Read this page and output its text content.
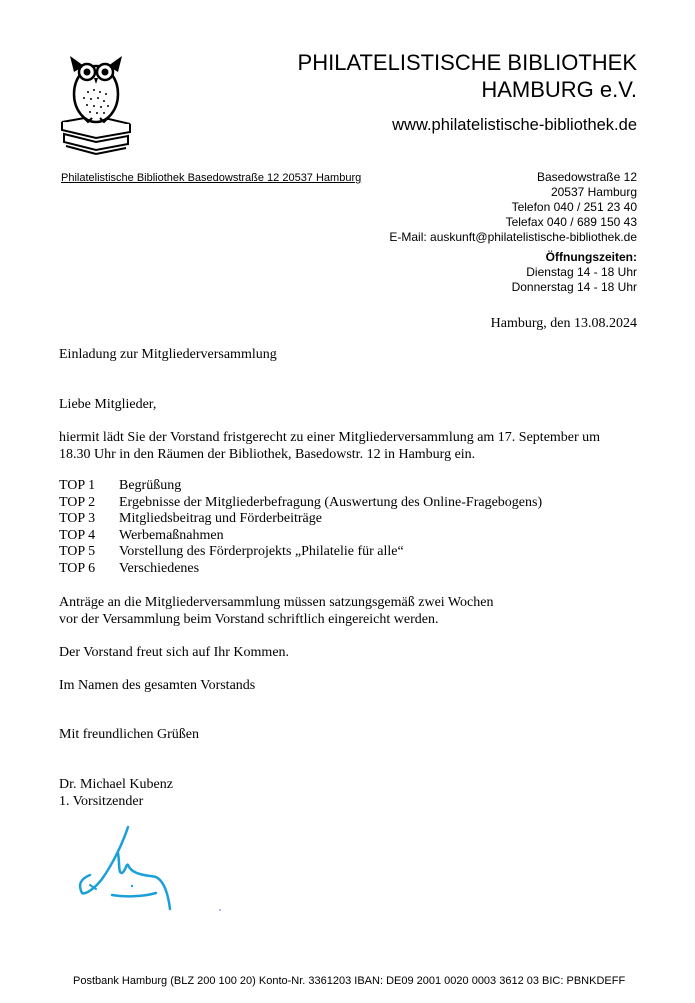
PHILATELISTISCHE BIBLIOTHEK
HAMBURG e.V.
www.philatelistische-bibliothek.de
Philatelistische Bibliothek Basedowstraße 12 20537 Hamburg	Basedowstraße 12
20537 Hamburg
Telefon 040 / 251 23 40
Telefax 040 / 689 150 43
E-Mail: auskunft@philatelistische-bibliothek.de
Öffnungszeiten:
Dienstag 14 - 18 Uhr
Donnerstag 14 - 18 Uhr
Hamburg, den 13.08.2024
Einladung zur Mitgliederversammlung
Liebe Mitglieder,
hiermit lädt Sie der Vorstand fristgerecht zu einer Mitgliederversammlung am 17. September um
18.30 Uhr in den Räumen der Bibliothek, Basedowstr. 12 in Hamburg ein.
TOP 1	Begrüßung
TOP 2	Ergebnisse der Mitgliederbefragung (Auswertung des Online-Fragebogens)
TOP 3	Mitgliedsbeitrag und Förderbeiträge
TOP 4	Werbemaßnahmen
TOP 5	Vorstellung des Förderprojekts „Philatelie für alle“
TOP 6	Verschiedenes
Anträge an die Mitgliederversammlung müssen satzungsgemäß zwei Wochen
vor der Versammlung beim Vorstand schriftlich eingereicht werden.
Der Vorstand freut sich auf Ihr Kommen.
Im Namen des gesamten Vorstands
Mit freundlichen Grüßen
Dr. Michael Kubenz
1. Vorsitzender
Postbank Hamburg (BLZ 200 100 20) Konto-Nr. 3361203 IBAN: DE09 2001 0020 0003 3612 03 BIC: PBNKDEFF
